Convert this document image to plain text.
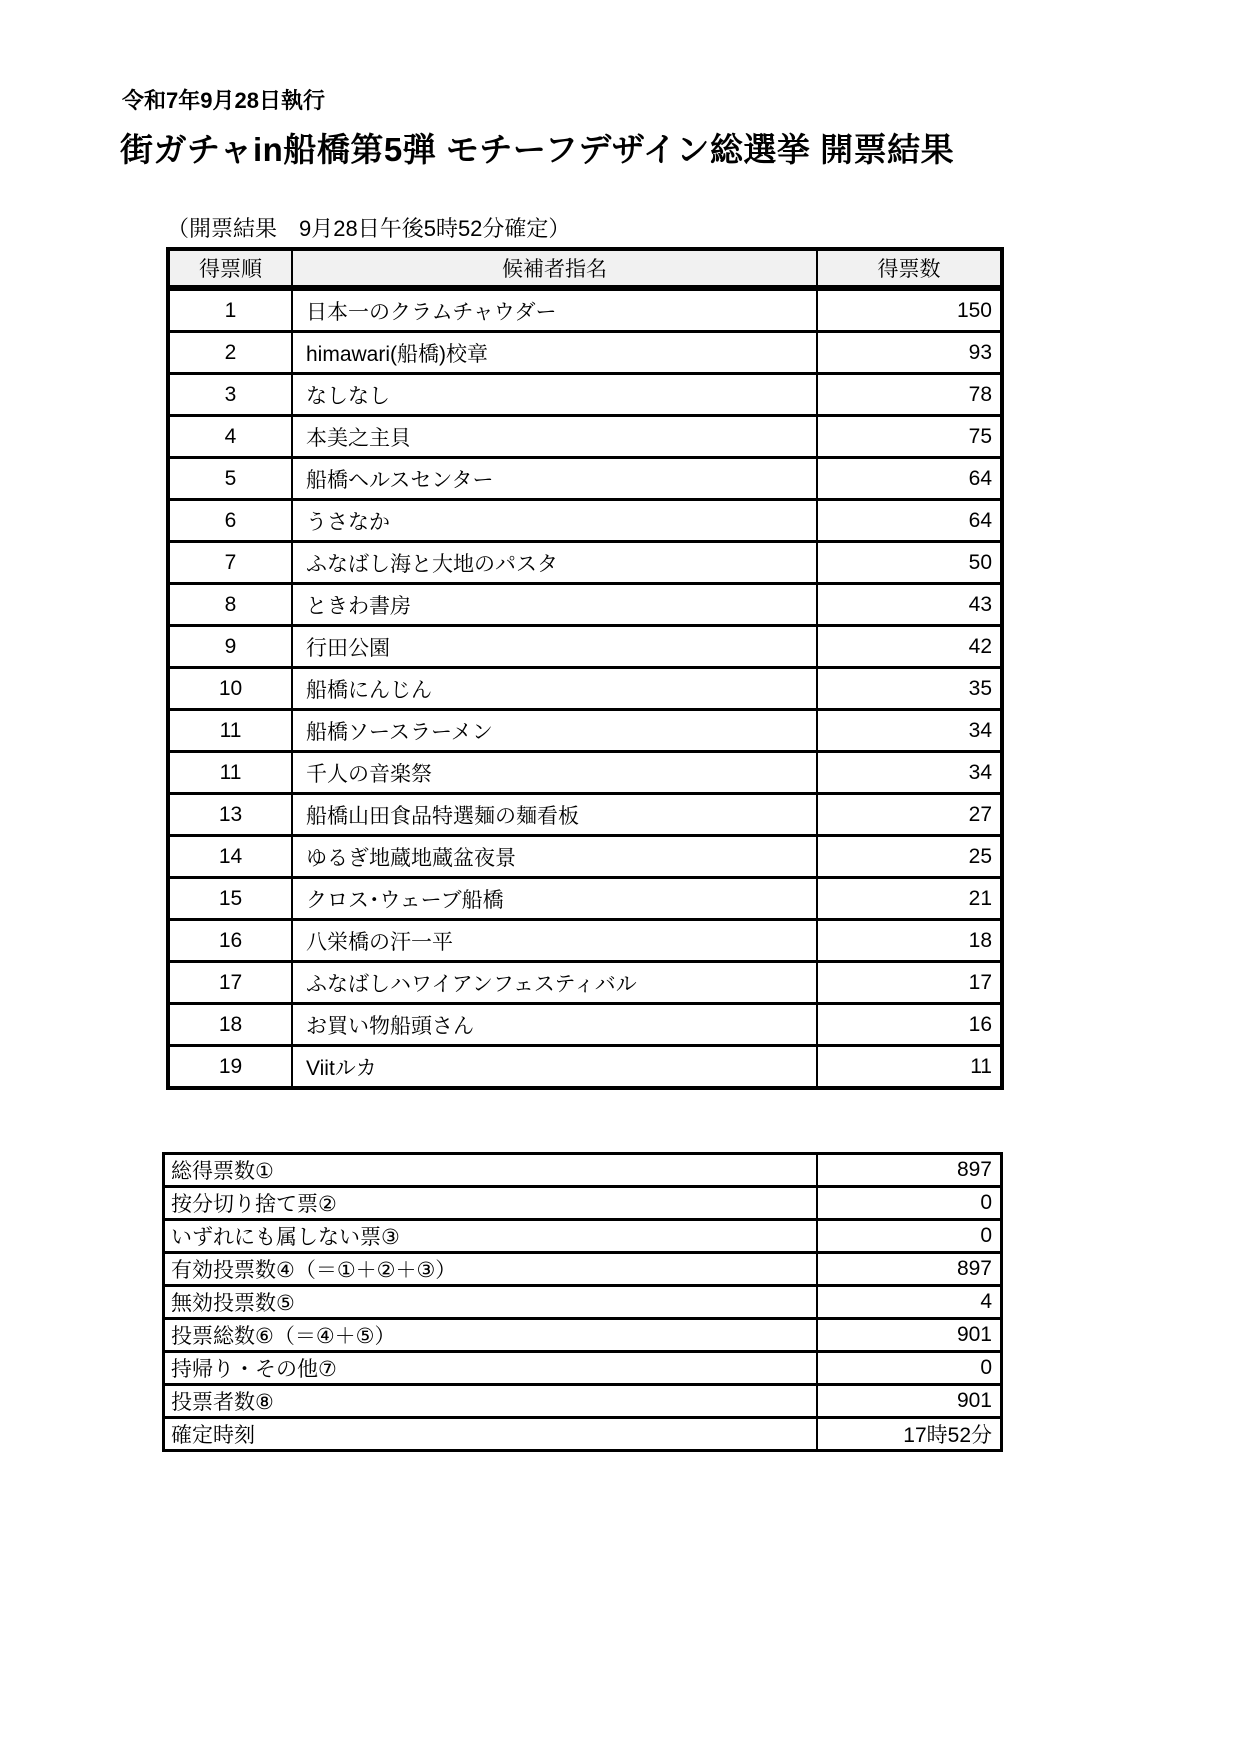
令和7年9月28日執行
街ガチャin船橋第5弾 モチーフデザイン総選挙 開票結果
（開票結果　9月28日午後5時52分確定）
得票順	候補者指名	得票数
1	日本一のクラムチャウダー	150
2	himawari(船橋)校章	93
3	なしなし	78
4	本美之主貝	75
5	船橋ヘルスセンター	64
6	うさなか	64
7	ふなばし海と大地のパスタ	50
8	ときわ書房	43
9	行田公園	42
10	船橋にんじん	35
11	船橋ソースラーメン	34
11	千人の音楽祭	34
13	船橋山田食品特選麺の麺看板	27
14	ゆるぎ地蔵地蔵盆夜景	25
15	クロス･ウェーブ船橋	21
16	八栄橋の汗一平	18
17	ふなばしハワイアンフェスティバル	17
18	お買い物船頭さん	16
19	Viitルカ	11
総得票数①	897
按分切り捨て票②	0
いずれにも属しない票③	0
有効投票数④（＝①＋②＋③）	897
無効投票数⑤	4
投票総数⑥（＝④＋⑤）	901
持帰り・その他⑦	0
投票者数⑧	901
確定時刻	17時52分
